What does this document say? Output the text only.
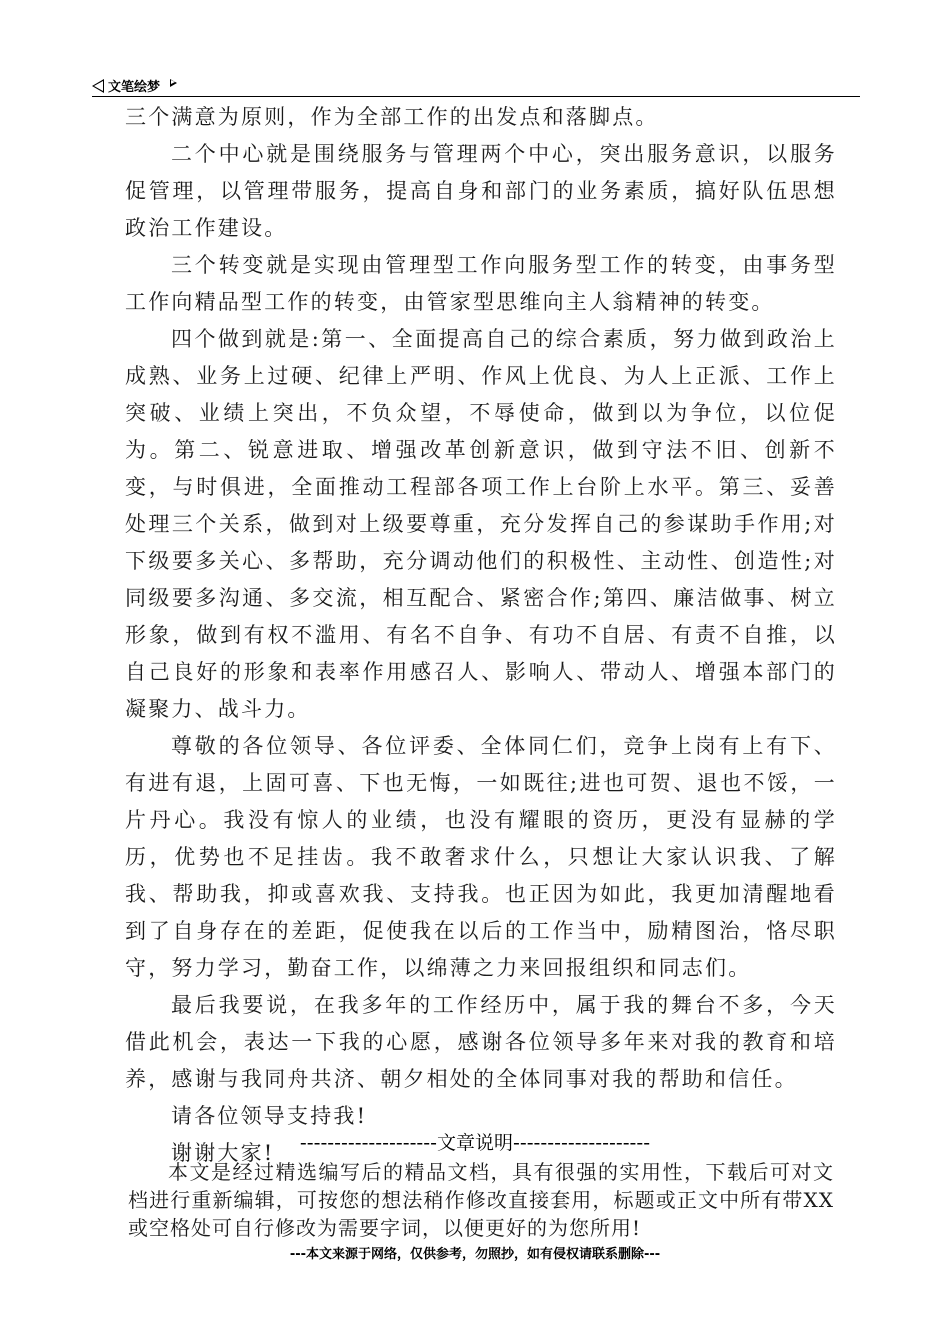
文笔绘梦

三个满意为原则，作为全部工作的出发点和落脚点。

二个中心就是围绕服务与管理两个中心，突出服务意识，以服务促管理，以管理带服务，提高自身和部门的业务素质，搞好队伍思想政治工作建设。

三个转变就是实现由管理型工作向服务型工作的转变，由事务型工作向精品型工作的转变，由管家型思维向主人翁精神的转变。

四个做到就是:第一、全面提高自己的综合素质，努力做到政治上成熟、业务上过硬、纪律上严明、作风上优良、为人上正派、工作上突破、业绩上突出，不负众望，不辱使命，做到以为争位，以位促为。第二、锐意进取、增强改革创新意识，做到守法不旧、创新不变，与时俱进，全面推动工程部各项工作上台阶上水平。第三、妥善处理三个关系，做到对上级要尊重，充分发挥自己的参谋助手作用;对下级要多关心、多帮助，充分调动他们的积极性、主动性、创造性;对同级要多沟通、多交流，相互配合、紧密合作;第四、廉洁做事、树立形象，做到有权不滥用、有名不自争、有功不自居、有责不自推，以自己良好的形象和表率作用感召人、影响人、带动人、增强本部门的凝聚力、战斗力。

尊敬的各位领导、各位评委、全体同仁们，竞争上岗有上有下、有进有退，上固可喜、下也无悔，一如既往;进也可贺、退也不馁，一片丹心。我没有惊人的业绩，也没有耀眼的资历，更没有显赫的学历，优势也不足挂齿。我不敢奢求什么，只想让大家认识我、了解我、帮助我，抑或喜欢我、支持我。也正因为如此，我更加清醒地看到了自身存在的差距，促使我在以后的工作当中，励精图治，恪尽职守，努力学习，勤奋工作，以绵薄之力来回报组织和同志们。

最后我要说，在我多年的工作经历中，属于我的舞台不多，今天借此机会，表达一下我的心愿，感谢各位领导多年来对我的教育和培养，感谢与我同舟共济、朝夕相处的全体同事对我的帮助和信任。

请各位领导支持我!

谢谢大家!	--------------------文章说明--------------------

本文是经过精选编写后的精品文档，具有很强的实用性，下载后可对文档进行重新编辑，可按您的想法稍作修改直接套用，标题或正文中所有带XX或空格处可自行修改为需要字词，以便更好的为您所用!

---本文来源于网络，仅供参考，勿照抄，如有侵权请联系删除---
